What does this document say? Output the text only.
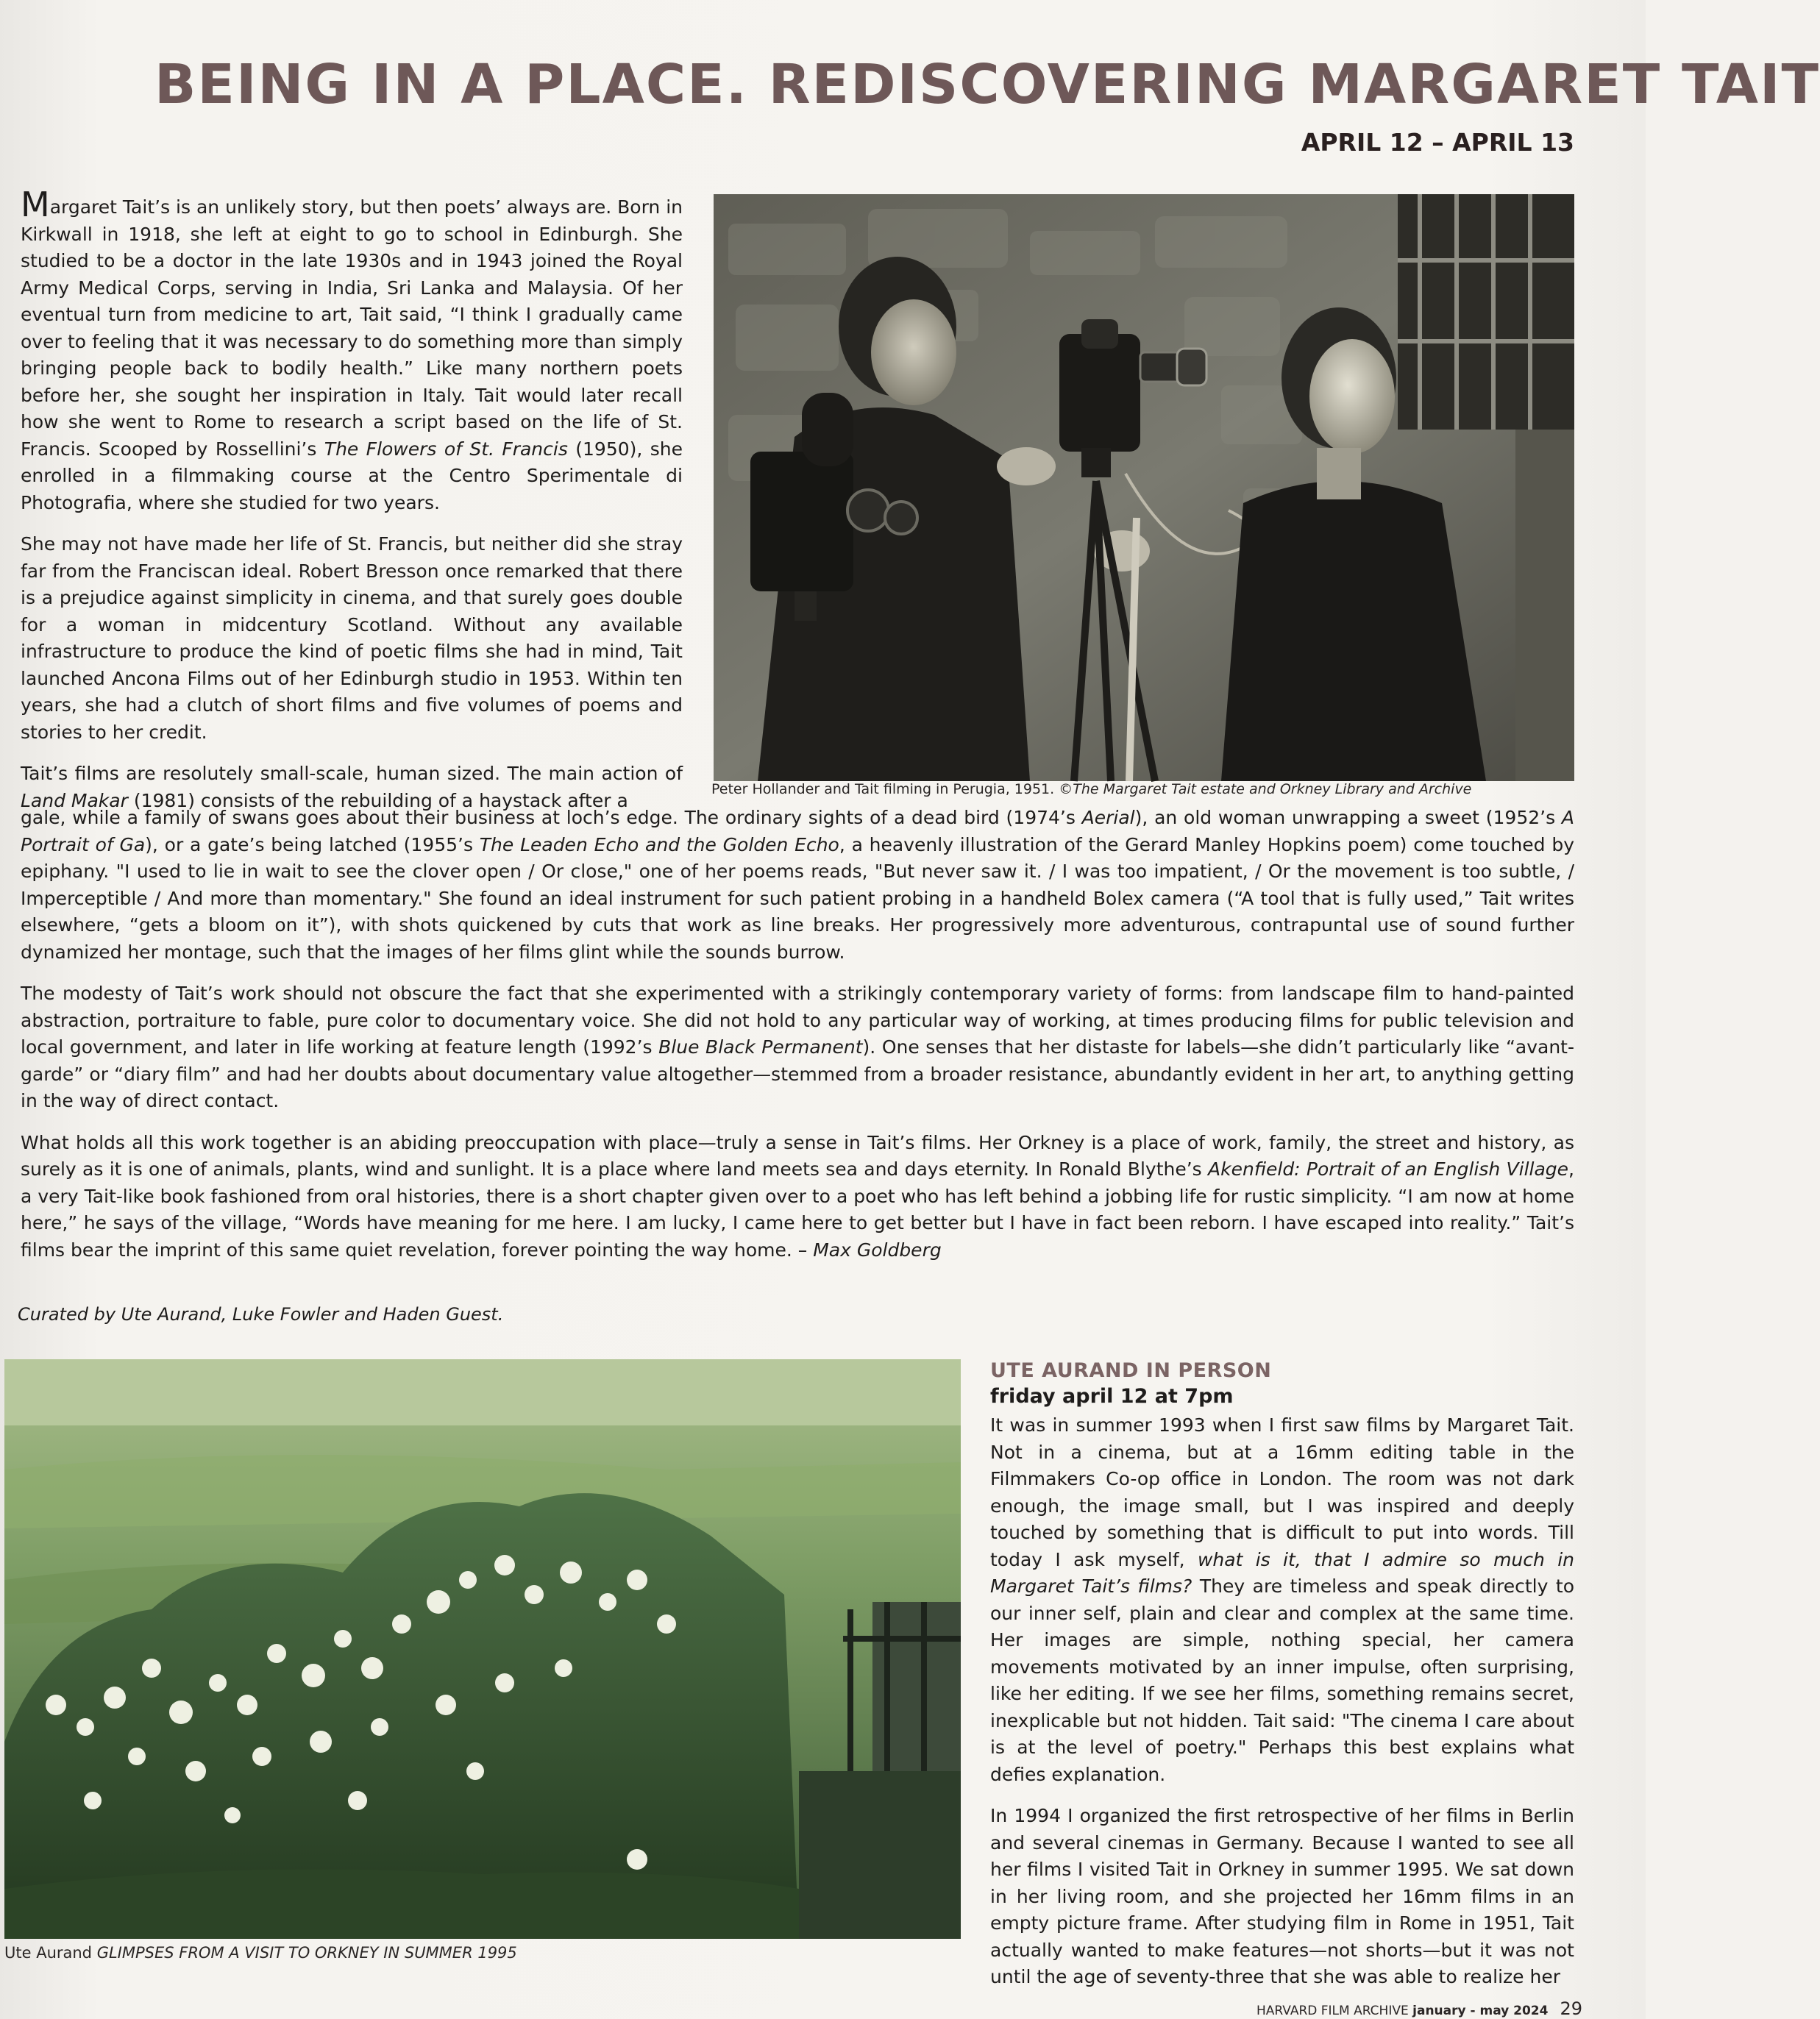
BEING IN A PLACE. REDISCOVERING MARGARET TAIT
APRIL 12 – APRIL 13

Margaret Tait’s is an unlikely story, but then poets’ always are. Born in Kirkwall in 1918, she left at eight to go to school in Edinburgh. She studied to be a doctor in the late 1930s and in 1943 joined the Royal Army Medical Corps, serving in India, Sri Lanka and Malaysia. Of her eventual turn from medicine to art, Tait said, “I think I gradually came over to feeling that it was necessary to do something more than simply bringing people back to bodily health.” Like many northern poets before her, she sought her inspiration in Italy. Tait would later recall how she went to Rome to research a script based on the life of St. Francis. Scooped by Rossellini’s The Flowers of St. Francis (1950), she enrolled in a filmmaking course at the Centro Sperimentale di Photografia, where she studied for two years.

She may not have made her life of St. Francis, but neither did she stray far from the Franciscan ideal. Robert Bresson once remarked that there is a prejudice against simplicity in cinema, and that surely goes double for a woman in midcentury Scotland. Without any available infrastructure to produce the kind of poetic films she had in mind, Tait launched Ancona Films out of her Edinburgh studio in 1953. Within ten years, she had a clutch of short films and five volumes of poems and stories to her credit.

Tait’s films are resolutely small-scale, human sized. The main action of Land Makar (1981) consists of the rebuilding of a haystack after a

Peter Hollander and Tait filming in Perugia, 1951. ©The Margaret Tait estate and Orkney Library and Archive

gale, while a family of swans goes about their business at loch’s edge. The ordinary sights of a dead bird (1974’s Aerial), an old woman unwrapping a sweet (1952’s A Portrait of Ga), or a gate’s being latched (1955’s The Leaden Echo and the Golden Echo, a heavenly illustration of the Gerard Manley Hopkins poem) come touched by epiphany. "I used to lie in wait to see the clover open / Or close," one of her poems reads, "But never saw it. / I was too impatient, / Or the movement is too subtle, / Imperceptible / And more than momentary." She found an ideal instrument for such patient probing in a handheld Bolex camera (“A tool that is fully used,” Tait writes elsewhere, “gets a bloom on it”), with shots quickened by cuts that work as line breaks. Her progressively more adventurous, contrapuntal use of sound further dynamized her montage, such that the images of her films glint while the sounds burrow.

The modesty of Tait’s work should not obscure the fact that she experimented with a strikingly contemporary variety of forms: from landscape film to hand-painted abstraction, portraiture to fable, pure color to documentary voice. She did not hold to any particular way of working, at times producing films for public television and local government, and later in life working at feature length (1992’s Blue Black Permanent). One senses that her distaste for labels—she didn’t particularly like “avant-garde” or “diary film” and had her doubts about documentary value altogether—stemmed from a broader resistance, abundantly evident in her art, to anything getting in the way of direct contact.

What holds all this work together is an abiding preoccupation with place—truly a sense in Tait’s films. Her Orkney is a place of work, family, the street and history, as surely as it is one of animals, plants, wind and sunlight. It is a place where land meets sea and days eternity. In Ronald Blythe’s Akenfield: Portrait of an English Village, a very Tait-like book fashioned from oral histories, there is a short chapter given over to a poet who has left behind a jobbing life for rustic simplicity. “I am now at home here,” he says of the village, “Words have meaning for me here. I am lucky, I came here to get better but I have in fact been reborn. I have escaped into reality.” Tait’s films bear the imprint of this same quiet revelation, forever pointing the way home. – Max Goldberg

Curated by Ute Aurand, Luke Fowler and Haden Guest.
Ute Aurand GLIMPSES FROM A VISIT TO ORKNEY IN SUMMER 1995
UTE AURAND IN PERSON
friday april 12 at 7pm

It was in summer 1993 when I first saw films by Margaret Tait. Not in a cinema, but at a 16mm editing table in the Filmmakers Co-op office in London. The room was not dark enough, the image small, but I was inspired and deeply touched by something that is difficult to put into words. Till today I ask myself, what is it, that I admire so much in Margaret Tait’s films? They are timeless and speak directly to our inner self, plain and clear and complex at the same time. Her images are simple, nothing special, her camera movements motivated by an inner impulse, often surprising, like her editing. If we see her films, something remains secret, inexplicable but not hidden. Tait said: "The cinema I care about is at the level of poetry." Perhaps this best explains what defies explanation.

In 1994 I organized the first retrospective of her films in Berlin and several cinemas in Germany. Because I wanted to see all her films I visited Tait in Orkney in summer 1995. We sat down in her living room, and she projected her 16mm films in an empty picture frame. After studying film in Rome in 1951, Tait actually wanted to make features—not shorts—but it was not until the age of seventy-three that she was able to realize her

HARVARD FILM ARCHIVE january - may 2024 29
